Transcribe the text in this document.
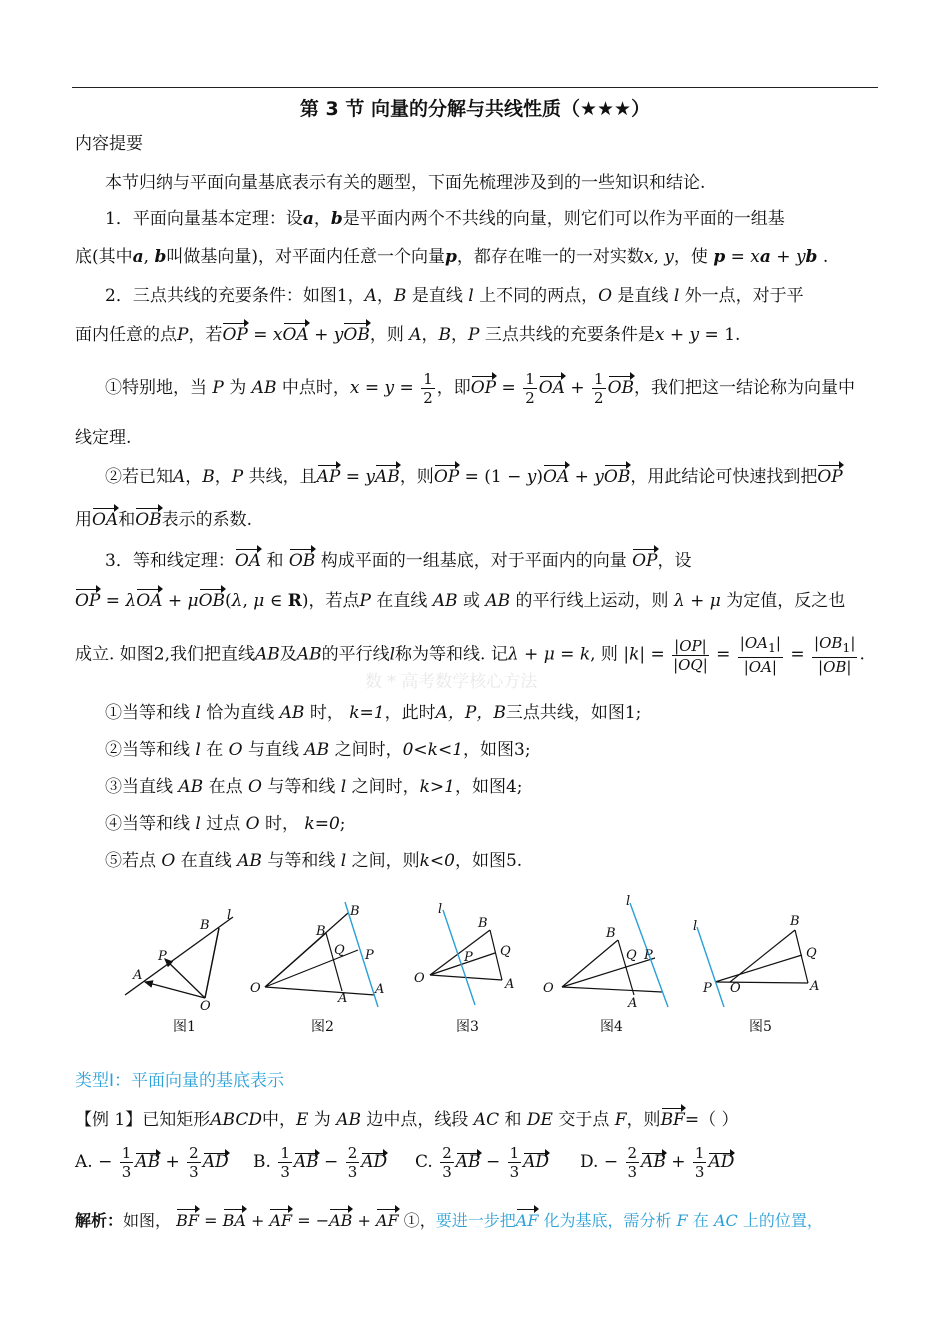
第 3 节 向量的分解与共线性质（★★★）
内容提要
本节归纳与平面向量基底表示有关的题型，下面先梳理涉及到的一些知识和结论.
1．平面向量基本定理：设a，b是平面内两个不共线的向量，则它们可以作为平面的一组基
底(其中a, b叫做基向量)，对平面内任意一个向量p，都存在唯一的一对实数x, y，使 p = xa + yb .
2．三点共线的充要条件：如图1，A，B 是直线 l 上不同的两点，O 是直线 l 外一点，对于平
面内任意的点P，若OP = xOA + yOB，则 A，B，P 三点共线的充要条件是x + y = 1.
①特别地，当 P 为 AB 中点时，$x = y = \frac{1}{2}$ ，即OP = $\frac{1}{2}$ OA + $\frac{1}{2}$ OB，我们把这一结论称为向量中
线定理.
②若已知A，B，P 共线，且AP = yAB，则OP = (1 − y)OA + yOB，用此结论可快速找到把OP
用OA和OB表示的系数.
3．等和线定理：OA 和 OB 构成平面的一组基底，对于平面内的向量 OP，设
OP = λOA + μOB(λ, μ ∈ R)，若点P 在直线 AB 或 AB 的平行线上运动，则 λ + μ 为定值，反之也
成立. 如图2,我们把直线AB及AB的平行线l称为等和线. 记λ + μ = k, 则 $|k| = \frac{|OP|}{|OQ|} = \frac{|OA_1|}{|OA|} = \frac{|OB_1|}{|OB|}$ .
数 * 高考数学核心方法
①当等和线 l 恰为直线 AB 时， k=1，此时A，P，B三点共线，如图1;
②当等和线 l 在 O 与直线 AB 之间时，0<k<1，如图3;
③当直线 AB 在点 O 与等和线 l 之间时，k>1，如图4;
④当等和线 l 过点 O 时， k=0;
⑤若点 O 在直线 AB 与等和线 l 之间，则k<0，如图5.
l
B
P
A
O
O
B
B
Q P
A
A
l
B
Q
P
O	A O
B
Q P
A
l
l	B
Q
O
P	A
图1	图2	图3	图4	图5
类型Ⅰ：平面向量的基底表示
【例 1】已知矩形ABCD中，E 为 AB 边中点，线段 AC 和 DE 交于点 F，则BF=（ ）
A. − $\frac{1}{3}$ AB + $\frac{2}{3}$ AD B. $\frac{1}{3}$ AB − $\frac{2}{3}$ AD C. $\frac{2}{3}$ AB − $\frac{1}{3}$ AD D. − $\frac{2}{3}$ AB + $\frac{1}{3}$ AD
解析：如图， BF = BA + AF = −AB + AF ①，要进一步把AF 化为基底，需分析 F 在 AC 上的位置，
